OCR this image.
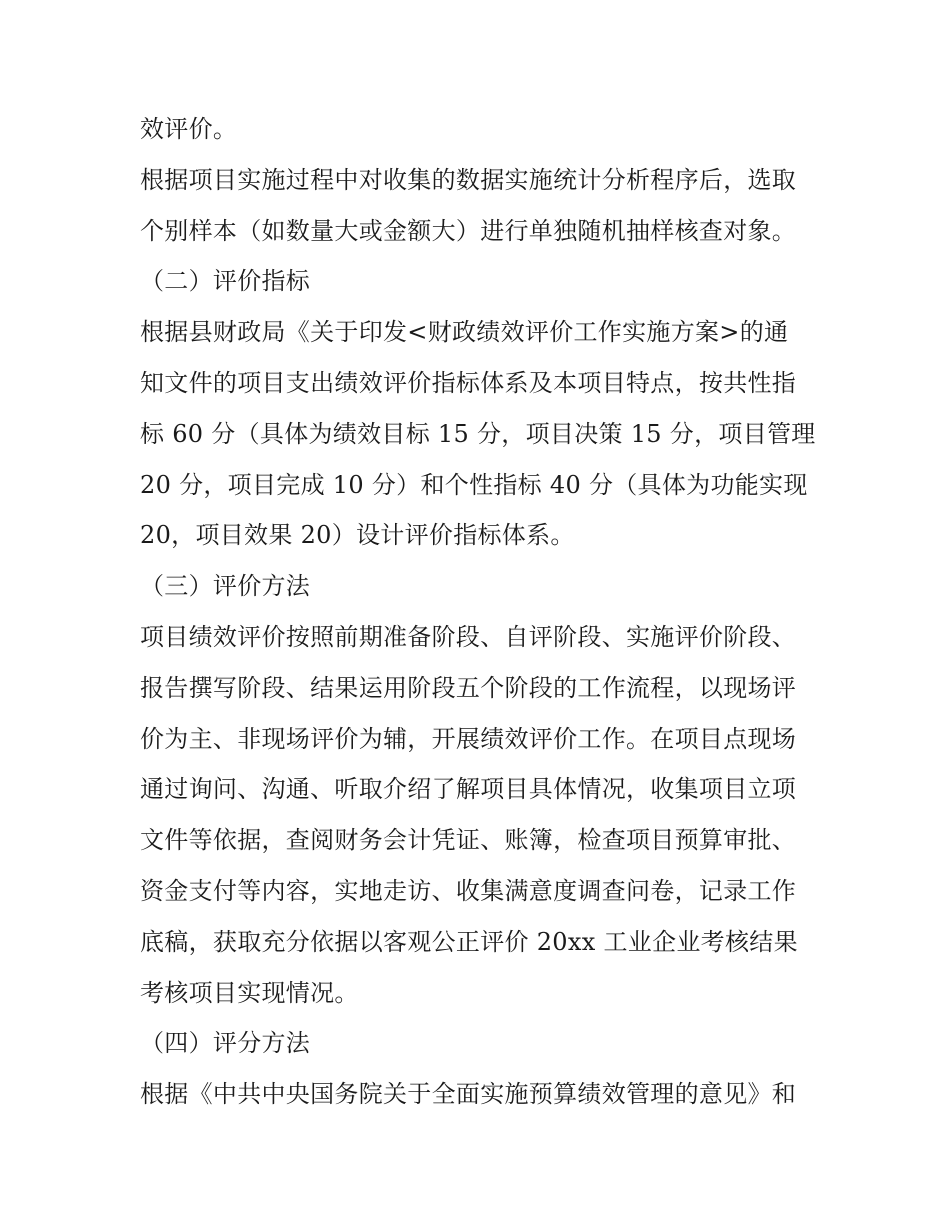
效评价。
根据项目实施过程中对收集的数据实施统计分析程序后，选取
个别样本（如数量大或金额大）进行单独随机抽样核查对象。
（二）评价指标
根据县财政局《关于印发<财政绩效评价工作实施方案>的通
知文件的项目支出绩效评价指标体系及本项目特点，按共性指
标 60 分（具体为绩效目标 15 分，项目决策 15 分，项目管理
20 分，项目完成 10 分）和个性指标 40 分（具体为功能实现
20，项目效果 20）设计评价指标体系。
（三）评价方法
项目绩效评价按照前期准备阶段、自评阶段、实施评价阶段、
报告撰写阶段、结果运用阶段五个阶段的工作流程，以现场评
价为主、非现场评价为辅，开展绩效评价工作。在项目点现场
通过询问、沟通、听取介绍了解项目具体情况，收集项目立项
文件等依据，查阅财务会计凭证、账簿，检查项目预算审批、
资金支付等内容，实地走访、收集满意度调查问卷，记录工作
底稿，获取充分依据以客观公正评价 20xx 工业企业考核结果
考核项目实现情况。
（四）评分方法
根据《中共中央国务院关于全面实施预算绩效管理的意见》和
